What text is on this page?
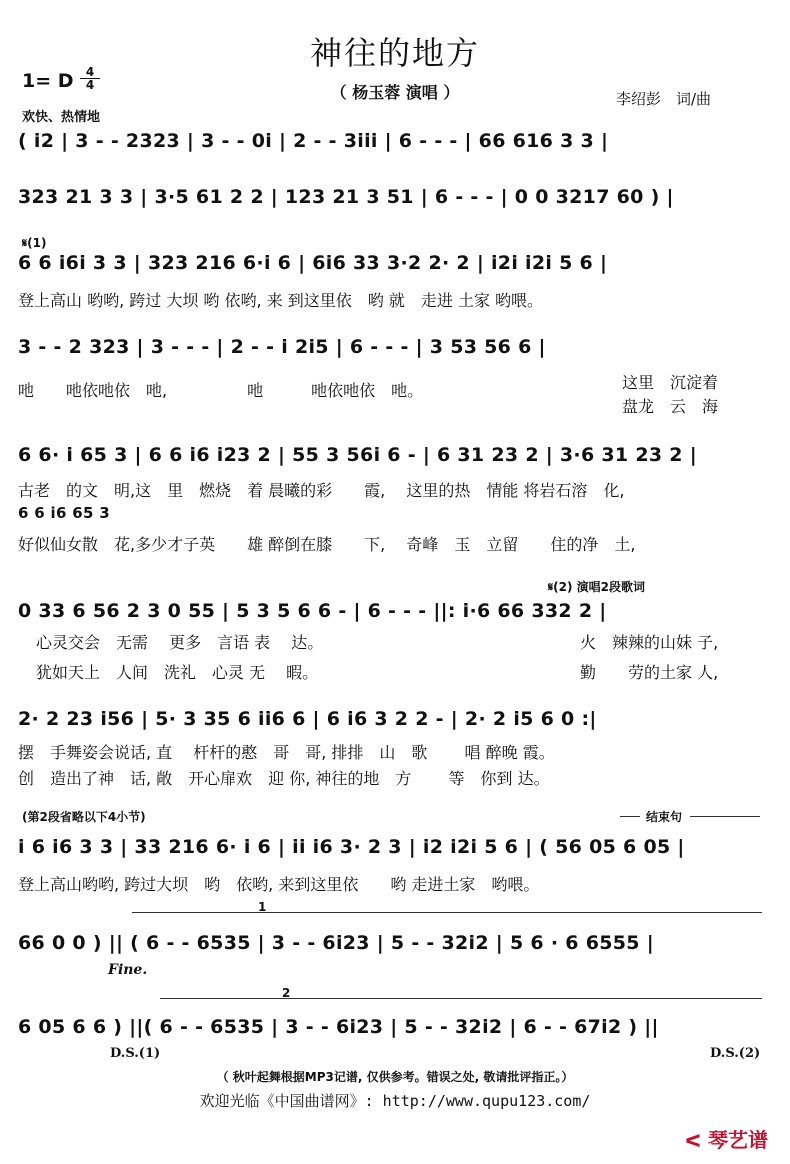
神往的地方
1= D $\frac{4}{4}$
（ 杨玉蓉 演唱 ）	李绍彭　词/曲
欢快、热情地
( i2 | 3 - - 2323 | 3 - - 0i | 2 - - 3iii | 6 - - - | 66 616 3 3 |
323 21 3 3 | 3·5 61 2 2 | 123 21 3 51 | 6 - - - | 0 0 3217 60 ) |
𝄋(1)
6 6 i6i 3 3 | 323 216 6·i 6 | 6i6 33 3·2 2· 2 | i2i i2i 5 6 |
登上高山 哟哟, 跨过 大坝 哟 依哟, 来 到这里依　哟 就　走进 土家 哟喂。
3 - - 2 323 | 3 - - - | 2 - - i 2i5 | 6 - - - | 3 53 56 6 |
吔　　吔依吔依　吔,　　　　　吔　　　吔依吔依　吔。	这里　沉淀着
盘龙　云　海
6 6· i 65 3 | 6 6 i6 i23 2 | 55 3 56i 6 - | 6 31 23 2 | 3·6 31 23 2 |
古老　的文　明,这　里　燃烧　着 晨曦的彩　　霞,　 这里的热　情能 将岩石溶　化,
6 6 i6 65 3
好似仙女散　花,多少才子英　　雄 醉倒在膝　　下,　 奇峰　玉　立留　　住的净　土,
𝄋(2) 演唱2段歌词
0 33 6 56 2 3 0 55 | 5 3 5 6 6 - | 6 - - - ||: i·6 66 332 2 |
心灵交会　无需　 更多　言语 表　 达。
犹如天上　人间　洗礼　心灵 无　 暇。
火　辣辣的山妹 子,
勤　　劳的土家 人,
2· 2 23 i56 | 5· 3 35 6 ii6 6 | 6 i6 3 2 2 - | 2· 2 i5 6 0 :|
摆　手舞姿会说话, 直　 杆杆的憨　哥　哥, 排排　山　歌　　 唱 醉晚 霞。
创　造出了神　话, 敞　开心扉欢　迎 你, 神往的地　方　　 等　你到 达。
(第2段省略以下4小节)	结束句
i 6 i6 3 3 | 33 216 6· i 6 | ii i6 3· 2 3 | i2 i2i 5 6 | ( 56 05 6 05 |
登上高山哟哟, 跨过大坝　哟　依哟, 来到这里依　　哟 走进土家　哟喂。
1
66 0 0 ) || ( 6 - - 6535 | 3 - - 6i23 | 5 - - 32i2 | 5 6 · 6 6555 |
Fine.
2
6 05 6 6 ) ||( 6 - - 6535 | 3 - - 6i23 | 5 - - 32i2 | 6 - - 67i2 ) ||
D.S.(1)	D.S.(2)
（ 秋叶起舞根据MP3记谱, 仅供参考。错误之处, 敬请批评指正。）
欢迎光临《中国曲谱网》: http://www.qupu123.com/
ᐸ 琴艺谱
